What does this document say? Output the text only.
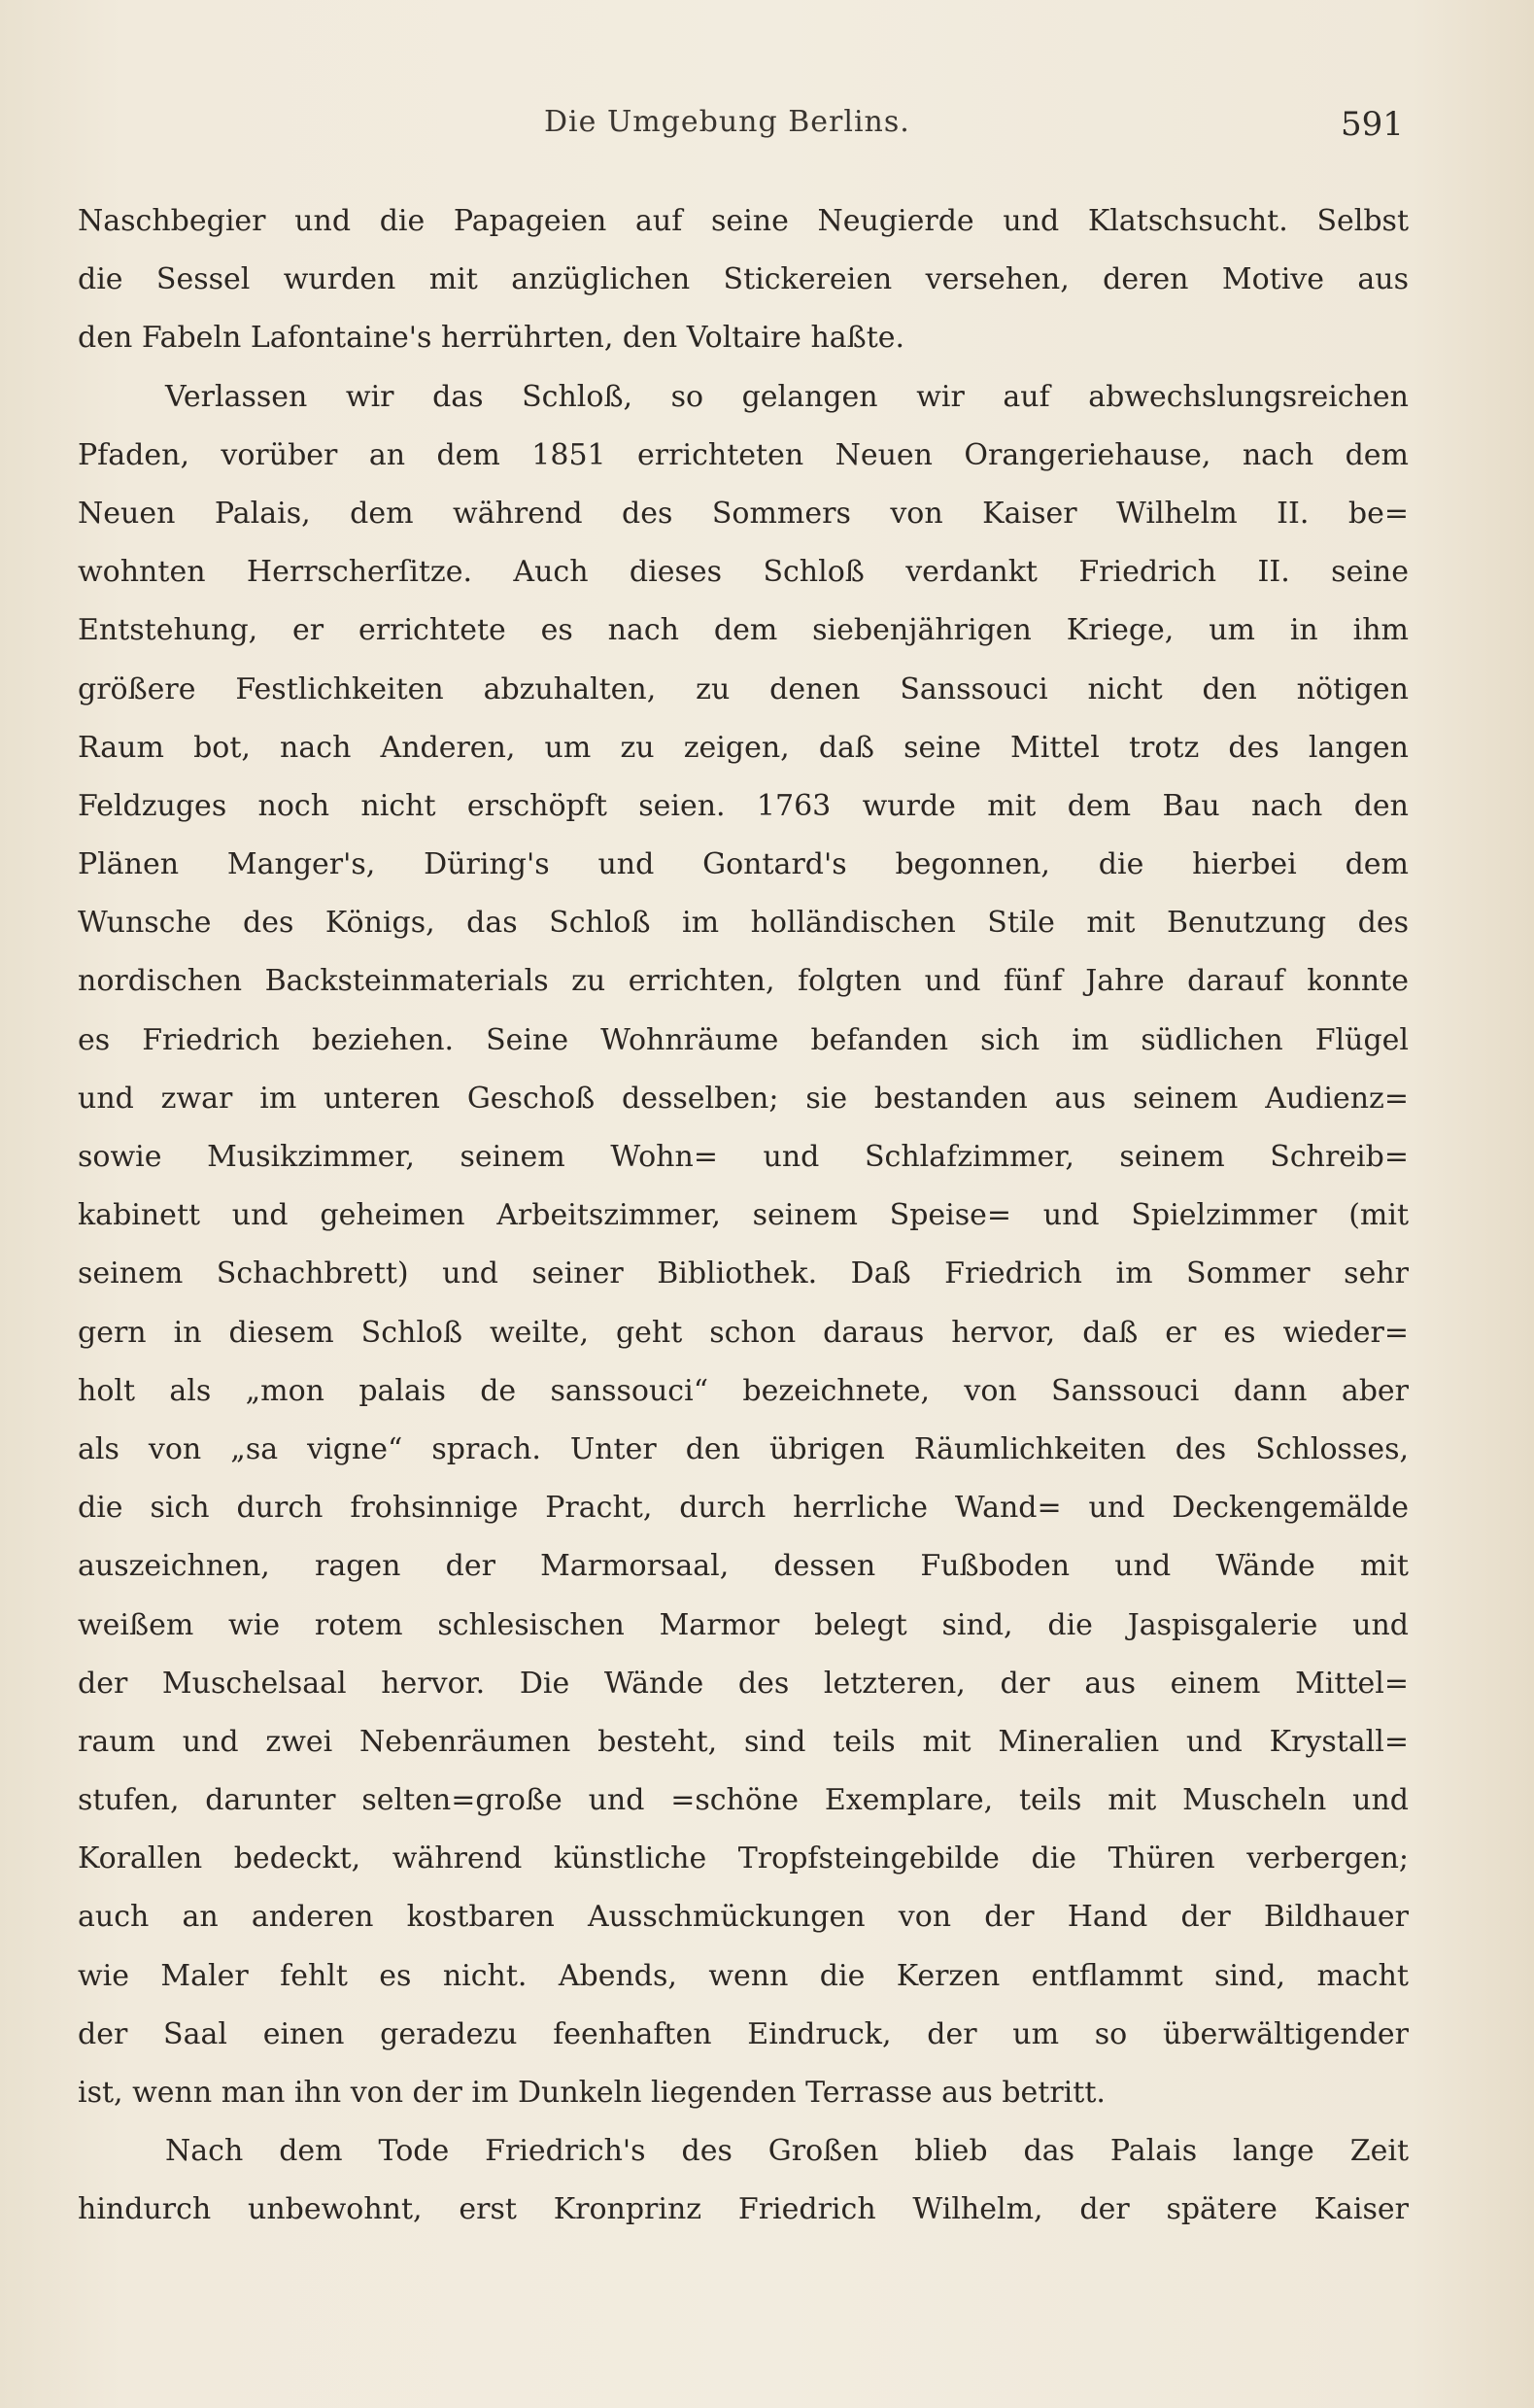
Die Umgebung Berlins.	591
Naschbegier und die Papageien auf seine Neugierde und Klatschsucht. Selbst
die Sessel wurden mit anzüglichen Stickereien versehen, deren Motive aus
den Fabeln Lafontaine's herrührten, den Voltaire haßte.
Verlassen wir das Schloß, so gelangen wir auf abwechslungsreichen
Pfaden, vorüber an dem 1851 errichteten Neuen Orangeriehause, nach dem
Neuen Palais, dem während des Sommers von Kaiser Wilhelm II. be=
wohnten Herrscherſitze. Auch dieses Schloß verdankt Friedrich II. seine
Entstehung, er errichtete es nach dem siebenjährigen Kriege, um in ihm
größere Festlichkeiten abzuhalten, zu denen Sanssouci nicht den nötigen
Raum bot, nach Anderen, um zu zeigen, daß seine Mittel trotz des langen
Feldzuges noch nicht erschöpft seien. 1763 wurde mit dem Bau nach den
Plänen Manger's, Düring's und Gontard's begonnen, die hierbei dem
Wunsche des Königs, das Schloß im holländischen Stile mit Benutzung des
nordischen Backsteinmaterials zu errichten, folgten und fünf Jahre darauf konnte
es Friedrich beziehen. Seine Wohnräume befanden sich im südlichen Flügel
und zwar im unteren Geschoß desselben; sie bestanden aus seinem Audienz=
sowie Musikzimmer, seinem Wohn= und Schlafzimmer, seinem Schreib=
kabinett und geheimen Arbeitszimmer, seinem Speise= und Spielzimmer (mit
seinem Schachbrett) und seiner Bibliothek. Daß Friedrich im Sommer sehr
gern in diesem Schloß weilte, geht schon daraus hervor, daß er es wieder=
holt als „mon palais de sanssouci“ bezeichnete, von Sanssouci dann aber
als von „sa vigne“ sprach. Unter den übrigen Räumlichkeiten des Schlosses,
die sich durch frohsinnige Pracht, durch herrliche Wand= und Deckengemälde
auszeichnen, ragen der Marmorsaal, dessen Fußboden und Wände mit
weißem wie rotem schlesischen Marmor belegt sind, die Jaspisgalerie und
der Muschelsaal hervor. Die Wände des letzteren, der aus einem Mittel=
raum und zwei Nebenräumen besteht, sind teils mit Mineralien und Krystall=
stufen, darunter selten=große und =schöne Exemplare, teils mit Muscheln und
Korallen bedeckt, während künstliche Tropfsteingebilde die Thüren verbergen;
auch an anderen kostbaren Ausschmückungen von der Hand der Bildhauer
wie Maler fehlt es nicht. Abends, wenn die Kerzen entflammt sind, macht
der Saal einen geradezu feenhaften Eindruck, der um so überwältigender
ist, wenn man ihn von der im Dunkeln liegenden Terrasse aus betritt.
Nach dem Tode Friedrich's des Großen blieb das Palais lange Zeit
hindurch unbewohnt, erst Kronprinz Friedrich Wilhelm, der spätere Kaiser
